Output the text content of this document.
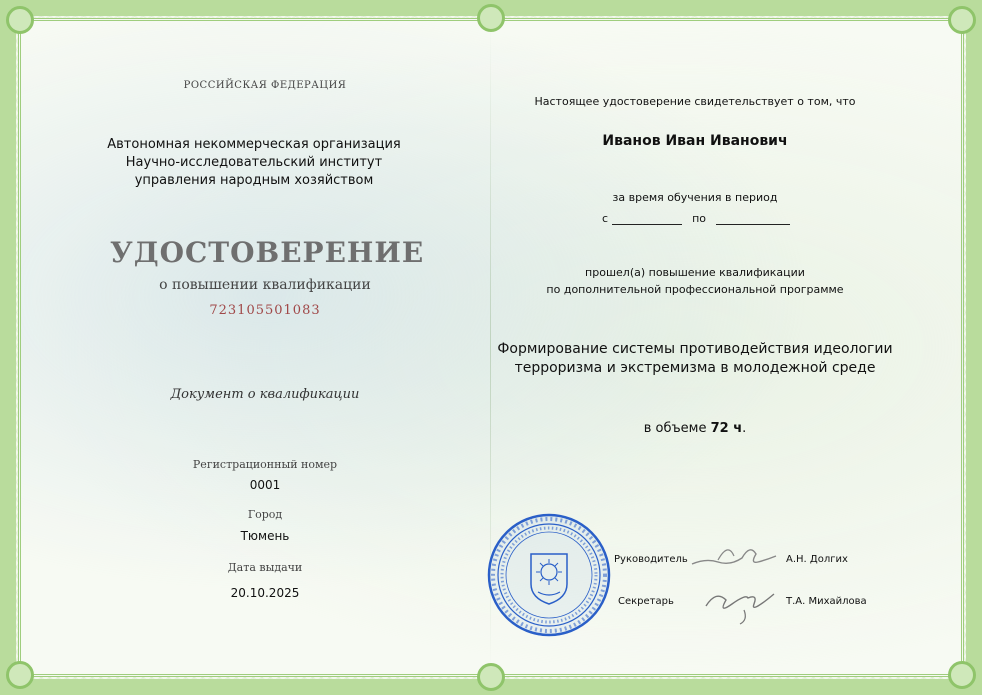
РОССИЙСКАЯ ФЕДЕРАЦИЯ
Автономная некоммерческая организация
Научно-исследовательский институт
управления народным хозяйством
УДОСТОВЕРЕНИЕ
о повышении квалификации
723105501083
Документ о квалификации
Регистрационный номер
0001
Город
Тюмень
Дата выдачи
20.10.2025
Настоящее удостоверение свидетельствует о том, что
Иванов Иван Иванович
за время обучения в период
с	по
прошел(а) повышение квалификации
по дополнительной профессиональной программе
Формирование системы противодействия идеологии
терроризма и экстремизма в молодежной среде
в объеме 72 ч.
Руководитель	А.Н. Долгих
Секретарь	Т.А. Михайлова
